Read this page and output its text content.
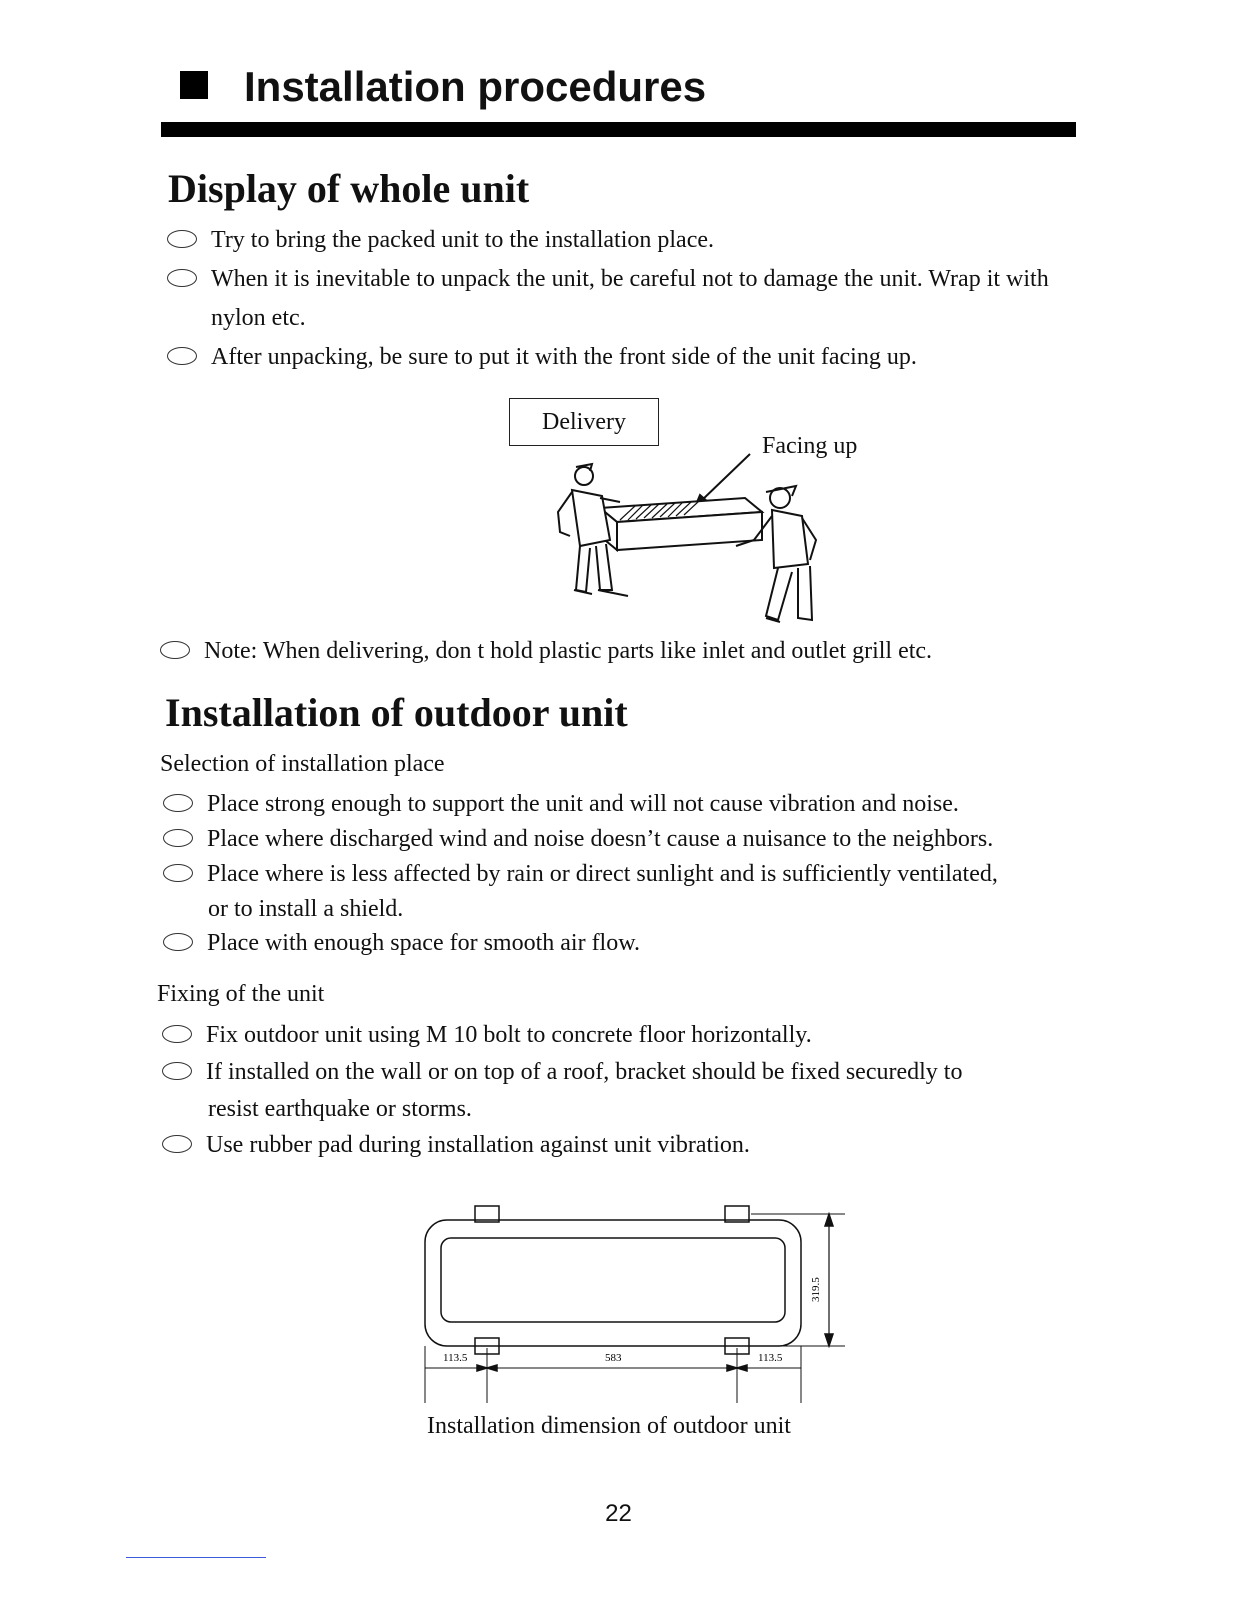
Installation procedures
Display of whole unit
Try to bring the packed unit to the installation place.
When it is inevitable to unpack the unit, be careful not to damage the unit. Wrap it with
nylon etc.
After unpacking, be sure to put it with the front side of the unit facing up.
Delivery
Facing up
Note: When delivering, don t hold plastic parts like inlet and outlet grill etc.
Installation of outdoor unit
Selection of installation place
Place strong enough to support the unit and will not cause vibration and noise.
Place where discharged wind and noise doesn’t cause a nuisance to the neighbors.
Place where is less affected by rain or direct sunlight and is sufficiently ventilated,
or to install a shield.
Place with enough space for smooth air flow.
Fixing of the unit
Fix outdoor unit using M 10 bolt to concrete floor horizontally.
If installed on the wall or on top of a roof, bracket should be fixed securedly to
resist earthquake or storms.
Use rubber pad during installation against unit vibration.
113.5	583	113.5
319.5
Installation dimension of outdoor unit
22
